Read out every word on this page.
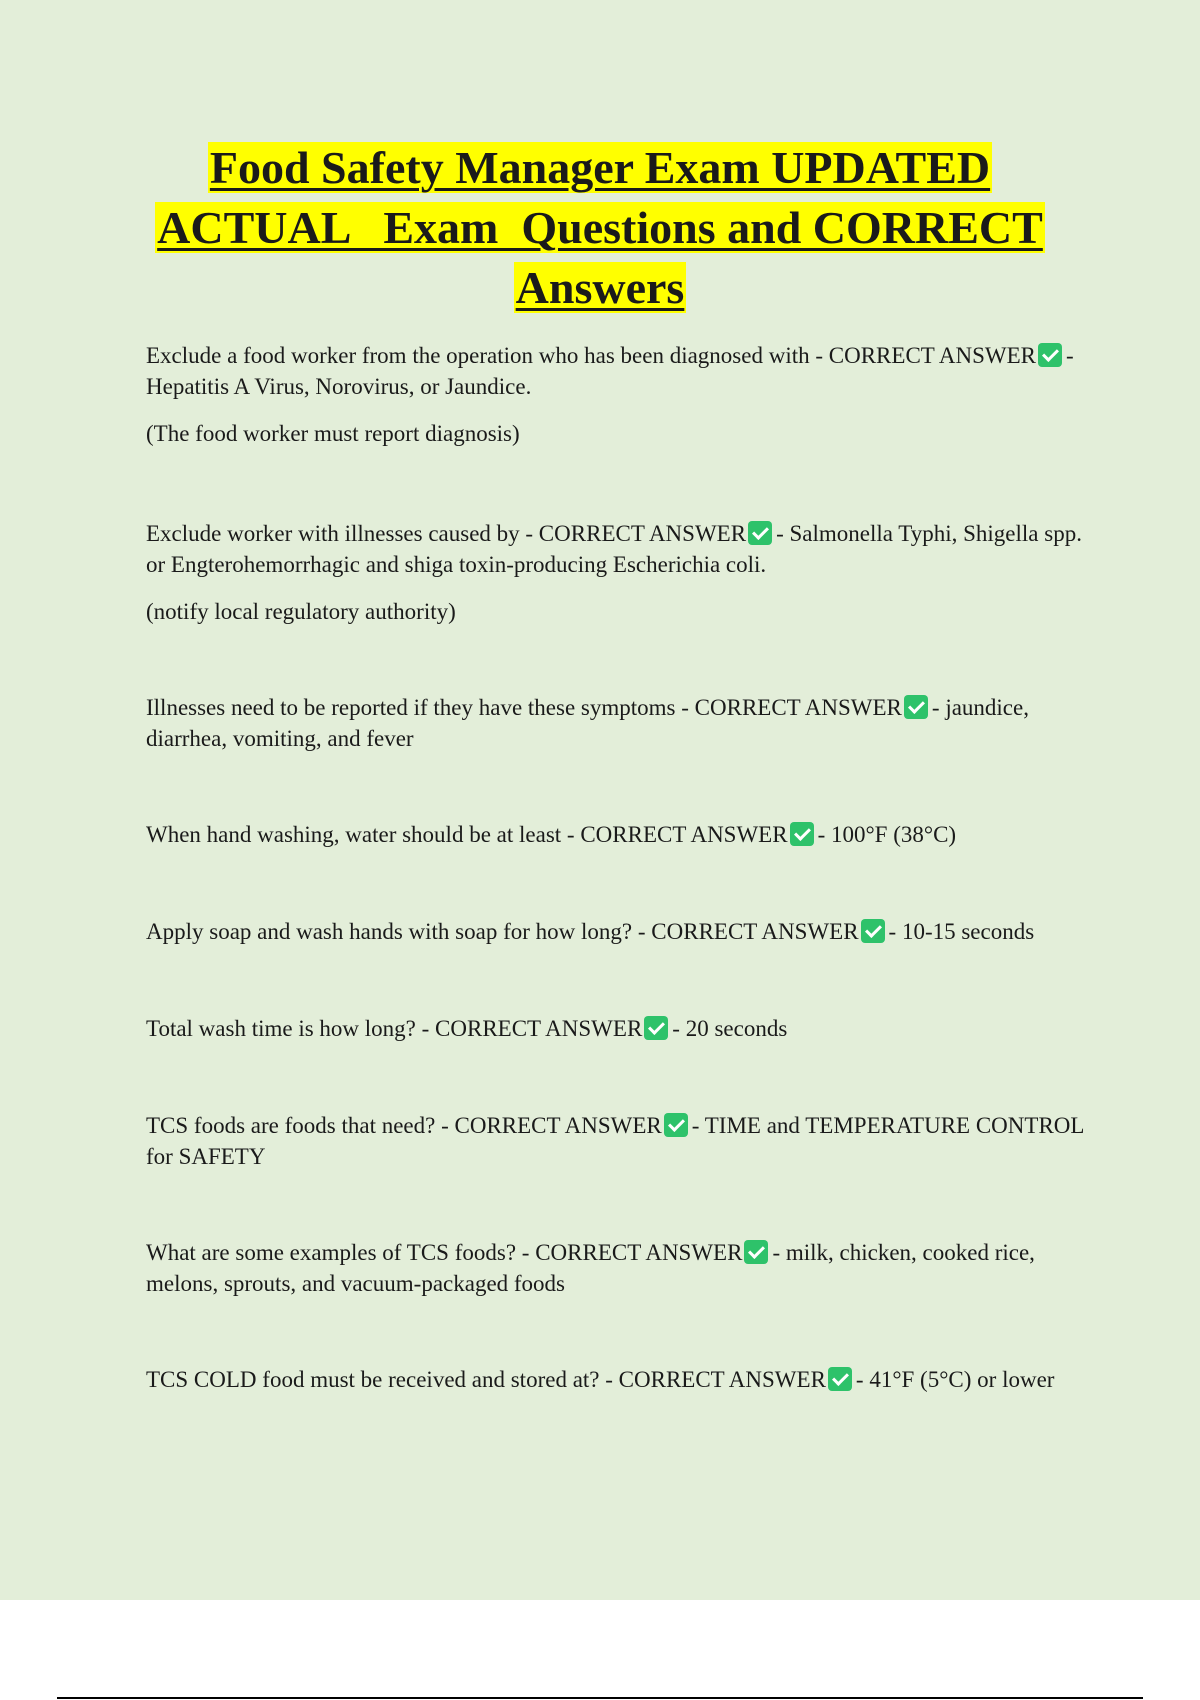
Food Safety Manager Exam UPDATED
ACTUAL   Exam  Questions and CORRECT
Answers

Exclude a food worker from the operation who has been diagnosed with - CORRECT ANSWER - Hepatitis A Virus, Norovirus, or Jaundice.

(The food worker must report diagnosis)

Exclude worker with illnesses caused by - CORRECT ANSWER - Salmonella Typhi, Shigella spp. or Engterohemorrhagic and shiga toxin-producing Escherichia coli.

(notify local regulatory authority)

Illnesses need to be reported if they have these symptoms - CORRECT ANSWER - jaundice, diarrhea, vomiting, and fever

When hand washing, water should be at least - CORRECT ANSWER - 100°F (38°C)

Apply soap and wash hands with soap for how long? - CORRECT ANSWER - 10-15 seconds

Total wash time is how long? - CORRECT ANSWER - 20 seconds

TCS foods are foods that need? - CORRECT ANSWER - TIME and TEMPERATURE CONTROL for SAFETY

What are some examples of TCS foods? - CORRECT ANSWER - milk, chicken, cooked rice, melons, sprouts, and vacuum-packaged foods

TCS COLD food must be received and stored at? - CORRECT ANSWER - 41°F (5°C) or lower
